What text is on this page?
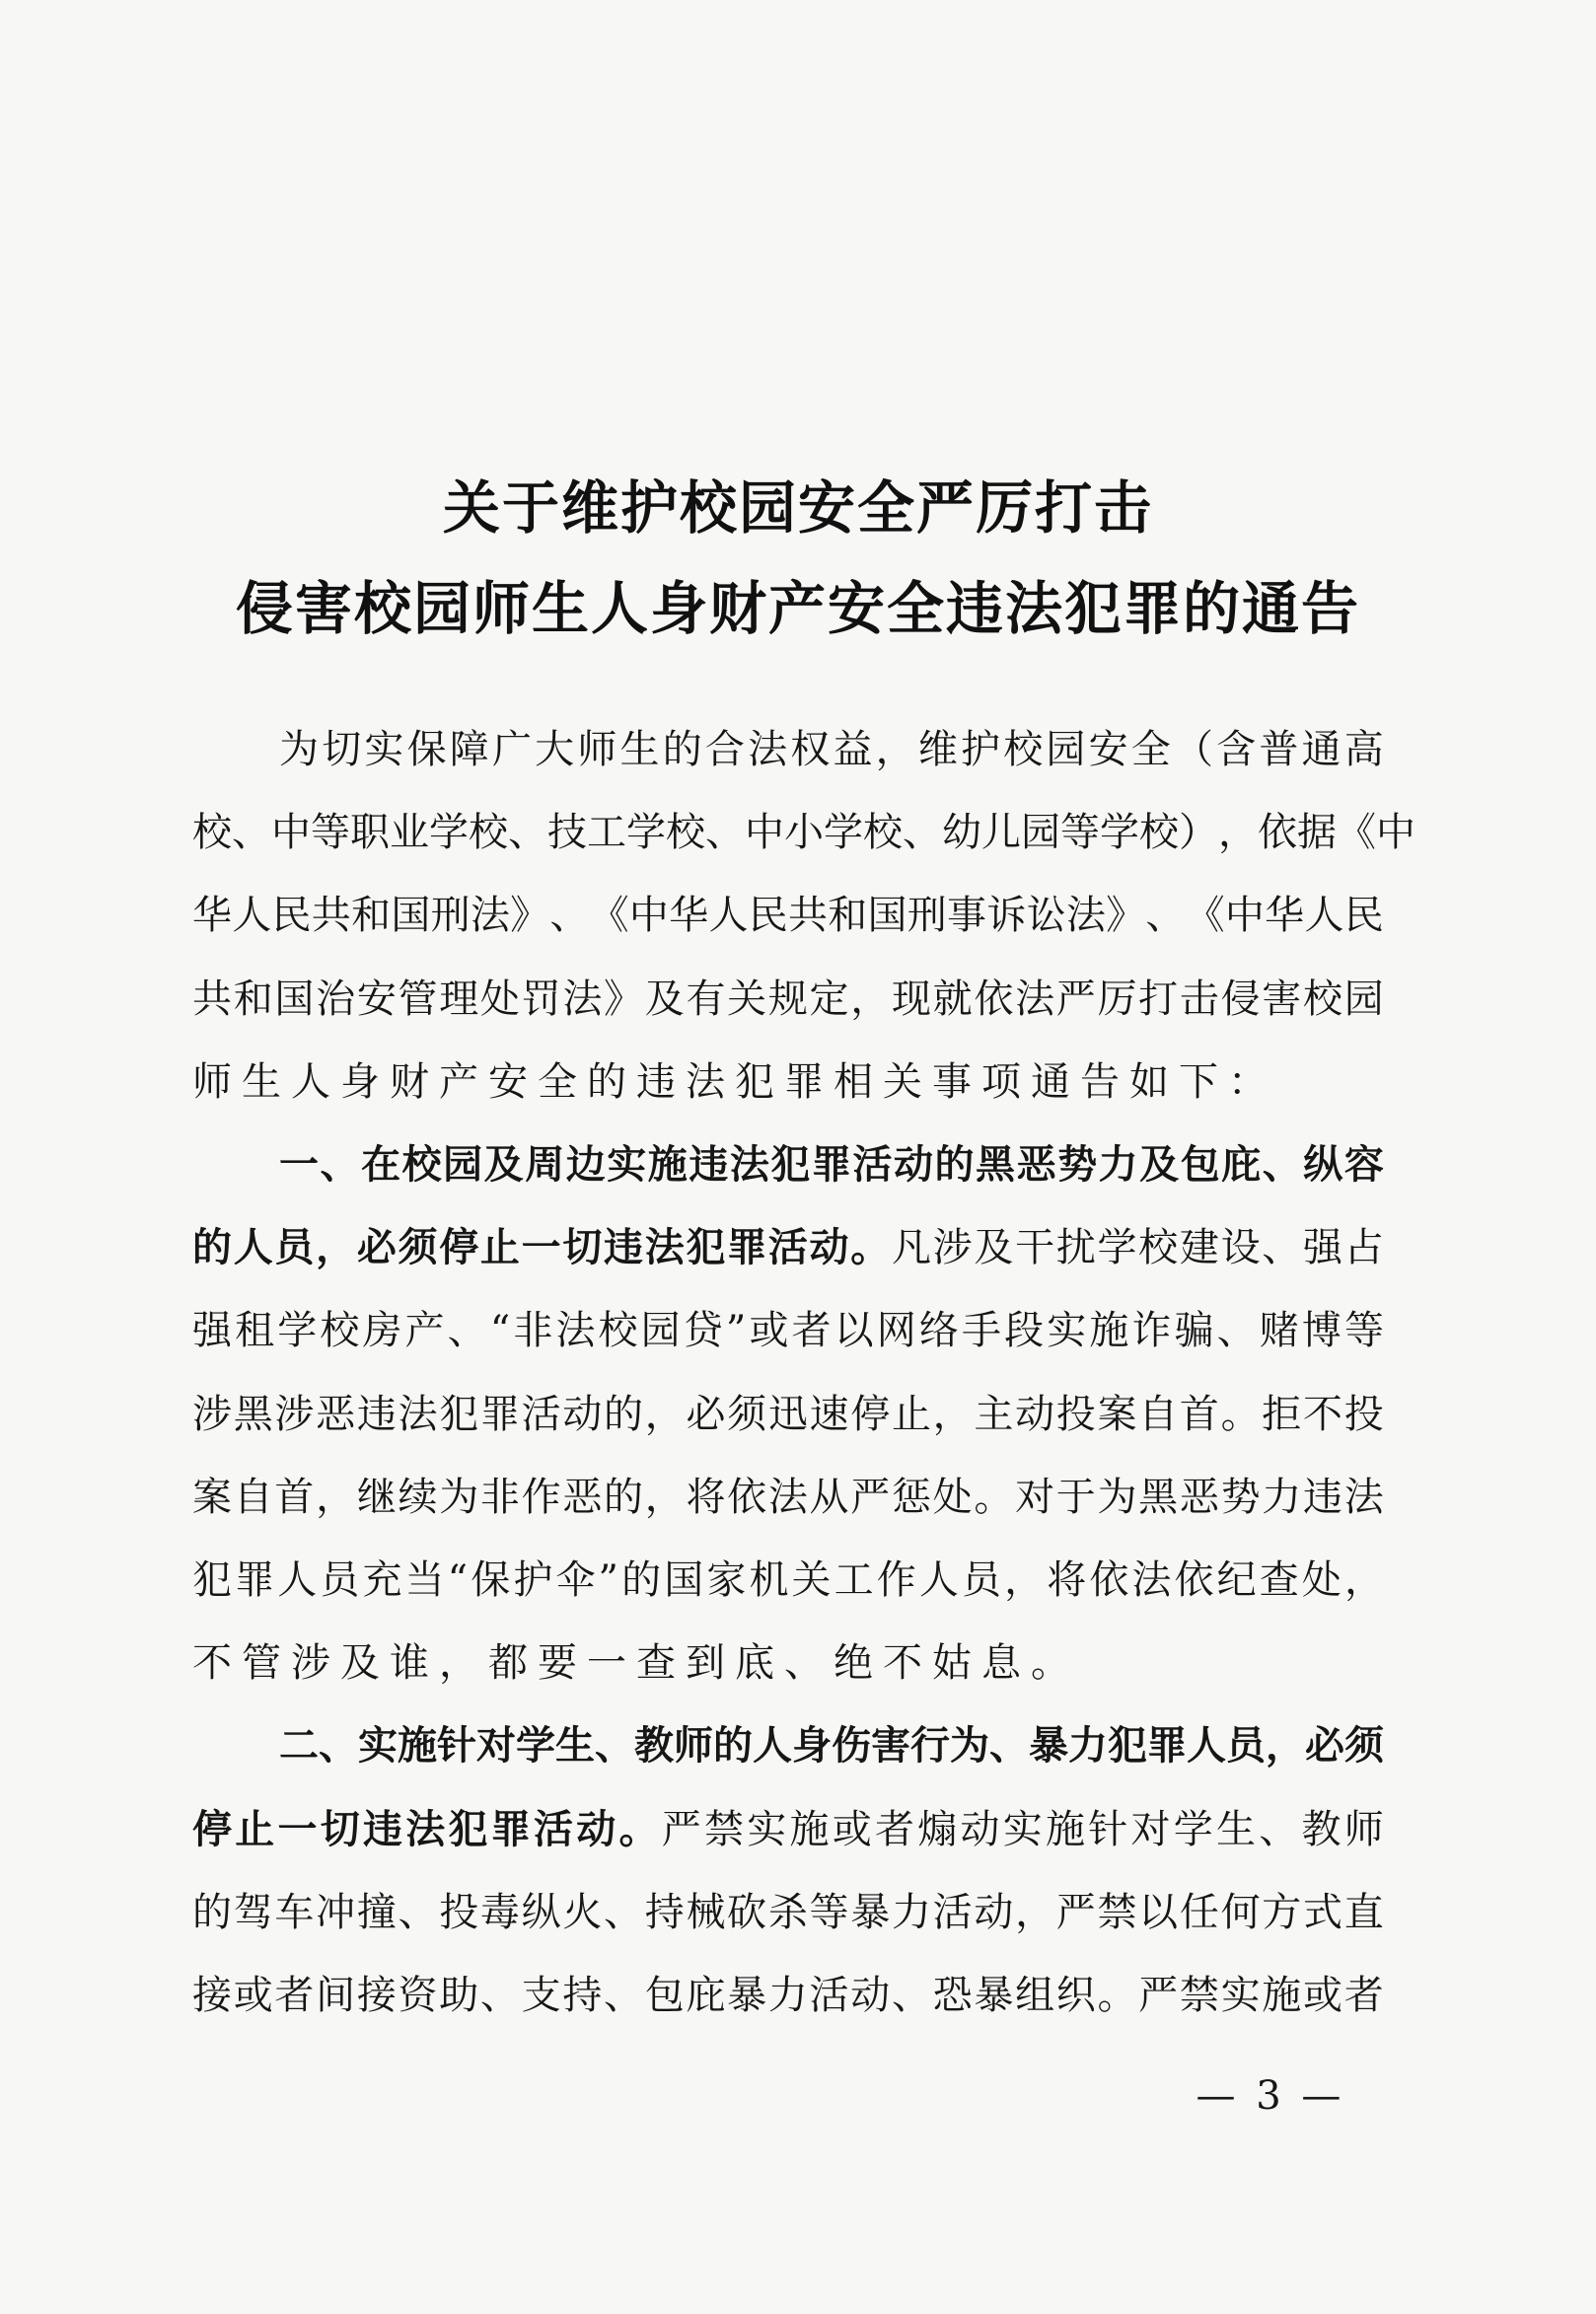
关于维护校园安全严厉打击
侵害校园师生人身财产安全违法犯罪的通告
为 切 实 保 障 广 大 师 生 的 合 法 权 益 ， 维 护 校 园 安 全 （ 含 普 通 高
校 、 中 等 职 业 学 校 、 技 工 学 校 、 中 小 学 校 、 幼 儿 园 等 学 校 ） ， 依 据 《 中
华 人 民 共 和 国 刑 法 》 、 《 中 华 人 民 共 和 国 刑 事 诉 讼 法 》 、 《 中 华 人 民
共 和 国 治 安 管 理 处 罚 法 》 及 有 关 规 定 ， 现 就 依 法 严 厉 打 击 侵 害 校 园
师 生 人 身 财 产 安 全 的 违 法 犯 罪 相 关 事 项 通 告 如 下 ：
一 、 在 校 园 及 周 边 实 施 违 法 犯 罪 活 动 的 黑 恶 势 力 及 包 庇 、 纵 容
的 人 员 ， 必 须 停 止 一 切 违 法 犯 罪 活 动 。 凡 涉 及 干 扰 学 校 建 设 、 强 占
强 租 学 校 房 产 、 “ 非 法 校 园 贷 ” 或 者 以 网 络 手 段 实 施 诈 骗 、 赌 博 等
涉 黑 涉 恶 违 法 犯 罪 活 动 的 ， 必 须 迅 速 停 止 ， 主 动 投 案 自 首 。 拒 不 投
案 自 首 ， 继 续 为 非 作 恶 的 ， 将 依 法 从 严 惩 处 。 对 于 为 黑 恶 势 力 违 法
犯 罪 人 员 充 当 “ 保 护 伞 ” 的 国 家 机 关 工 作 人 员 ， 将 依 法 依 纪 查 处 ，
不 管 涉 及 谁 ， 都 要 一 查 到 底 、 绝 不 姑 息 。
二 、 实 施 针 对 学 生 、 教 师 的 人 身 伤 害 行 为 、 暴 力 犯 罪 人 员 ， 必 须
停 止 一 切 违 法 犯 罪 活 动 。 严 禁 实 施 或 者 煽 动 实 施 针 对 学 生 、 教 师
的 驾 车 冲 撞 、 投 毒 纵 火 、 持 械 砍 杀 等 暴 力 活 动 ， 严 禁 以 任 何 方 式 直
接 或 者 间 接 资 助 、 支 持 、 包 庇 暴 力 活 动 、 恐 暴 组 织 。 严 禁 实 施 或 者
— 3 —
